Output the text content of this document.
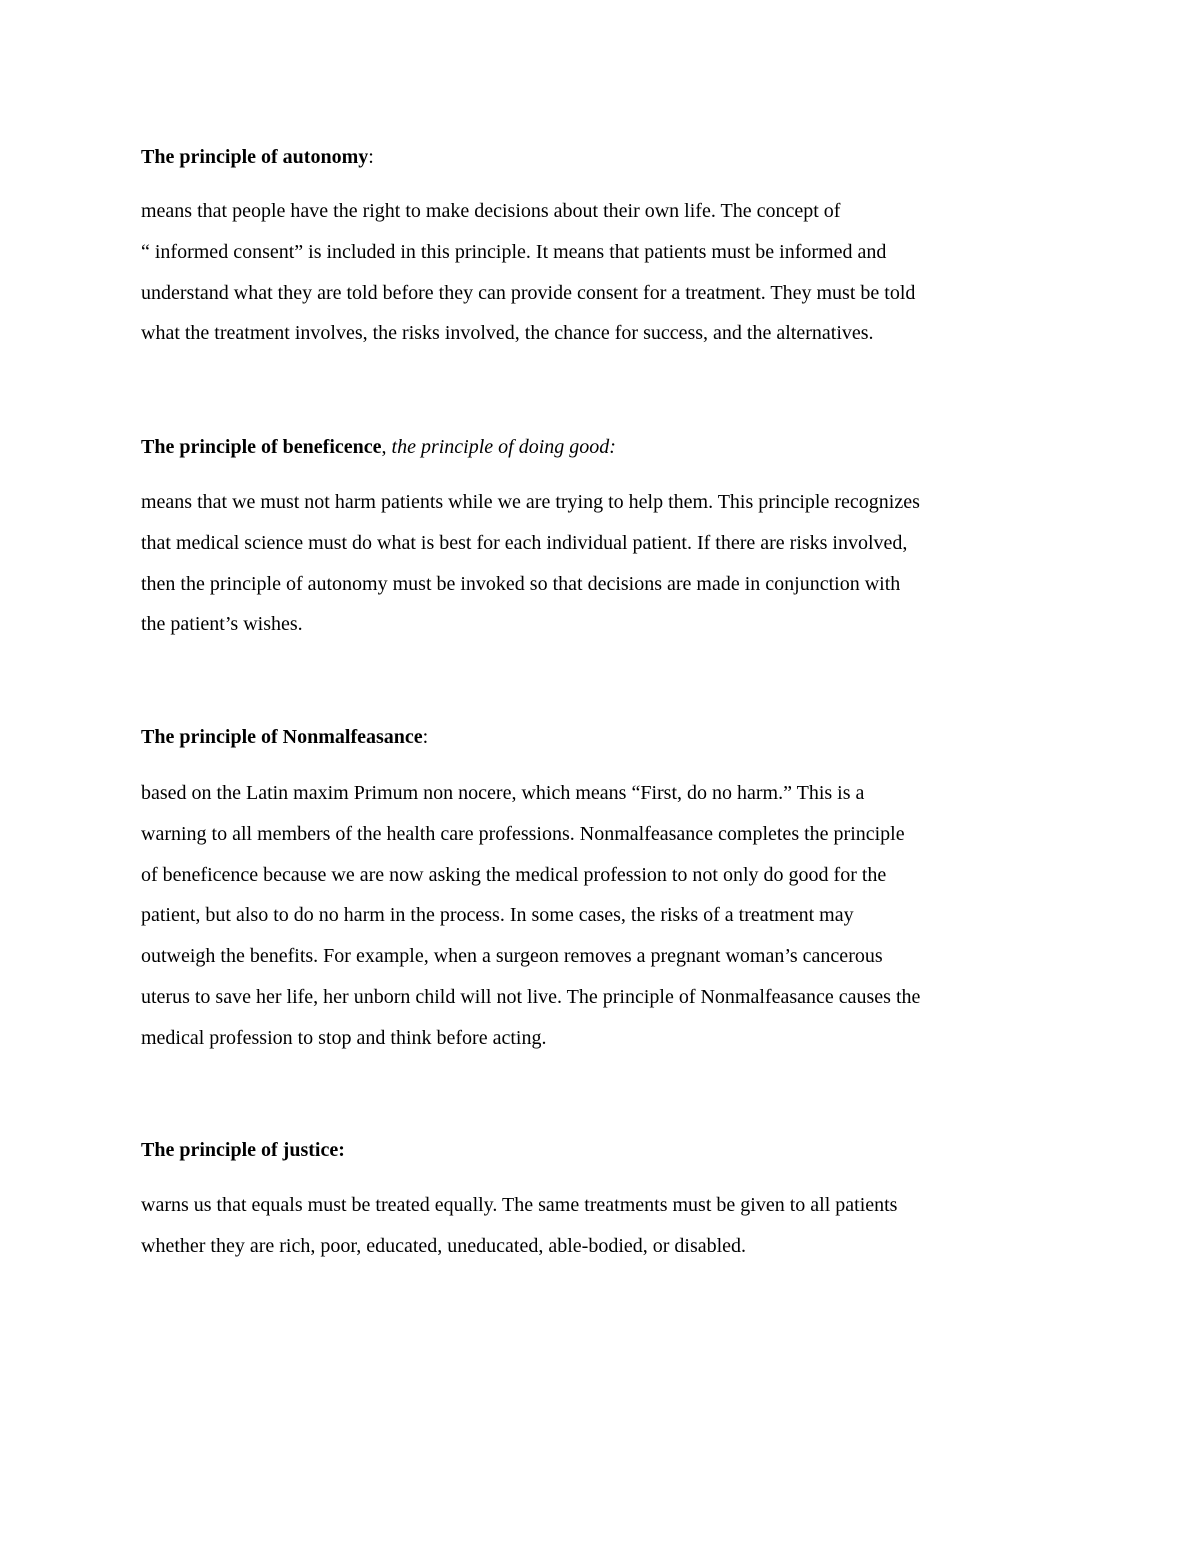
The principle of autonomy:
means that people have the right to make decisions about their own life. The concept of
“ informed consent” is included in this principle. It means that patients must be informed and
understand what they are told before they can provide consent for a treatment. They must be told
what the treatment involves, the risks involved, the chance for success, and the alternatives.
The principle of beneficence, the principle of doing good:
means that we must not harm patients while we are trying to help them. This principle recognizes
that medical science must do what is best for each individual patient. If there are risks involved,
then the principle of autonomy must be invoked so that decisions are made in conjunction with
the patient’s wishes.
The principle of Nonmalfeasance:
based on the Latin maxim Primum non nocere, which means “First, do no harm.” This is a
warning to all members of the health care professions. Nonmalfeasance completes the principle
of beneficence because we are now asking the medical profession to not only do good for the
patient, but also to do no harm in the process. In some cases, the risks of a treatment may
outweigh the benefits. For example, when a surgeon removes a pregnant woman’s cancerous
uterus to save her life, her unborn child will not live. The principle of Nonmalfeasance causes the
medical profession to stop and think before acting.
The principle of justice:
warns us that equals must be treated equally. The same treatments must be given to all patients
whether they are rich, poor, educated, uneducated, able-bodied, or disabled.
